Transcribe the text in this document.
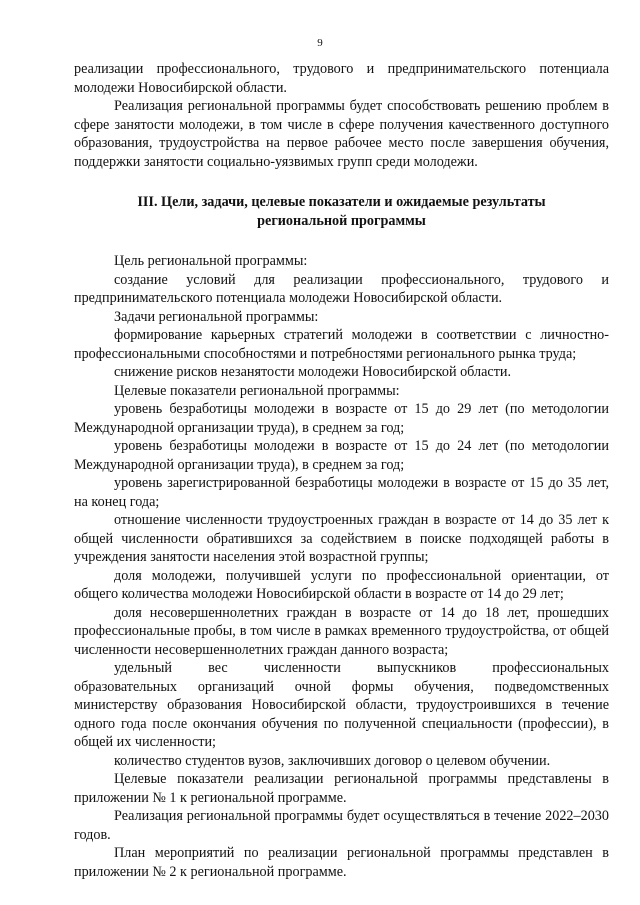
9

реализации профессионального, трудового и предпринимательского потенциала молодежи Новосибирской области.

Реализация региональной программы будет способствовать решению проблем в сфере занятости молодежи, в том числе в сфере получения качественного доступного образования, трудоустройства на первое рабочее место после завершения обучения, поддержки занятости социально-уязвимых групп среди молодежи.

III. Цели, задачи, целевые показатели и ожидаемые результаты
региональной программы

Цель региональной программы:

создание условий для реализации профессионального, трудового и предпринимательского потенциала молодежи Новосибирской области.

Задачи региональной программы:

формирование карьерных стратегий молодежи в соответствии с личностно-профессиональными способностями и потребностями регионального рынка труда;

снижение рисков незанятости молодежи Новосибирской области.

Целевые показатели региональной программы:

уровень безработицы молодежи в возрасте от 15 до 29 лет (по методологии Международной организации труда), в среднем за год;

уровень безработицы молодежи в возрасте от 15 до 24 лет (по методологии Международной организации труда), в среднем за год;

уровень зарегистрированной безработицы молодежи в возрасте от 15 до 35 лет, на конец года;

отношение численности трудоустроенных граждан в возрасте от 14 до 35 лет к общей численности обратившихся за содействием в поиске подходящей работы в учреждения занятости населения этой возрастной группы;

доля молодежи, получившей услуги по профессиональной ориентации, от общего количества молодежи Новосибирской области в возрасте от 14 до 29 лет;

доля несовершеннолетних граждан в возрасте от 14 до 18 лет, прошедших профессиональные пробы, в том числе в рамках временного трудоустройства, от общей численности несовершеннолетних граждан данного возраста;

удельный вес численности выпускников профессиональных

образовательных организаций очной формы обучения, подведомственных министерству образования Новосибирской области, трудоустроившихся в течение одного года после окончания обучения по полученной специальности (профессии), в общей их численности;

количество студентов вузов, заключивших договор о целевом обучении.

Целевые показатели реализации региональной программы представлены в приложении № 1 к региональной программе.

Реализация региональной программы будет осуществляться в течение 2022–2030 годов.

План мероприятий по реализации региональной программы представлен в приложении № 2 к региональной программе.
